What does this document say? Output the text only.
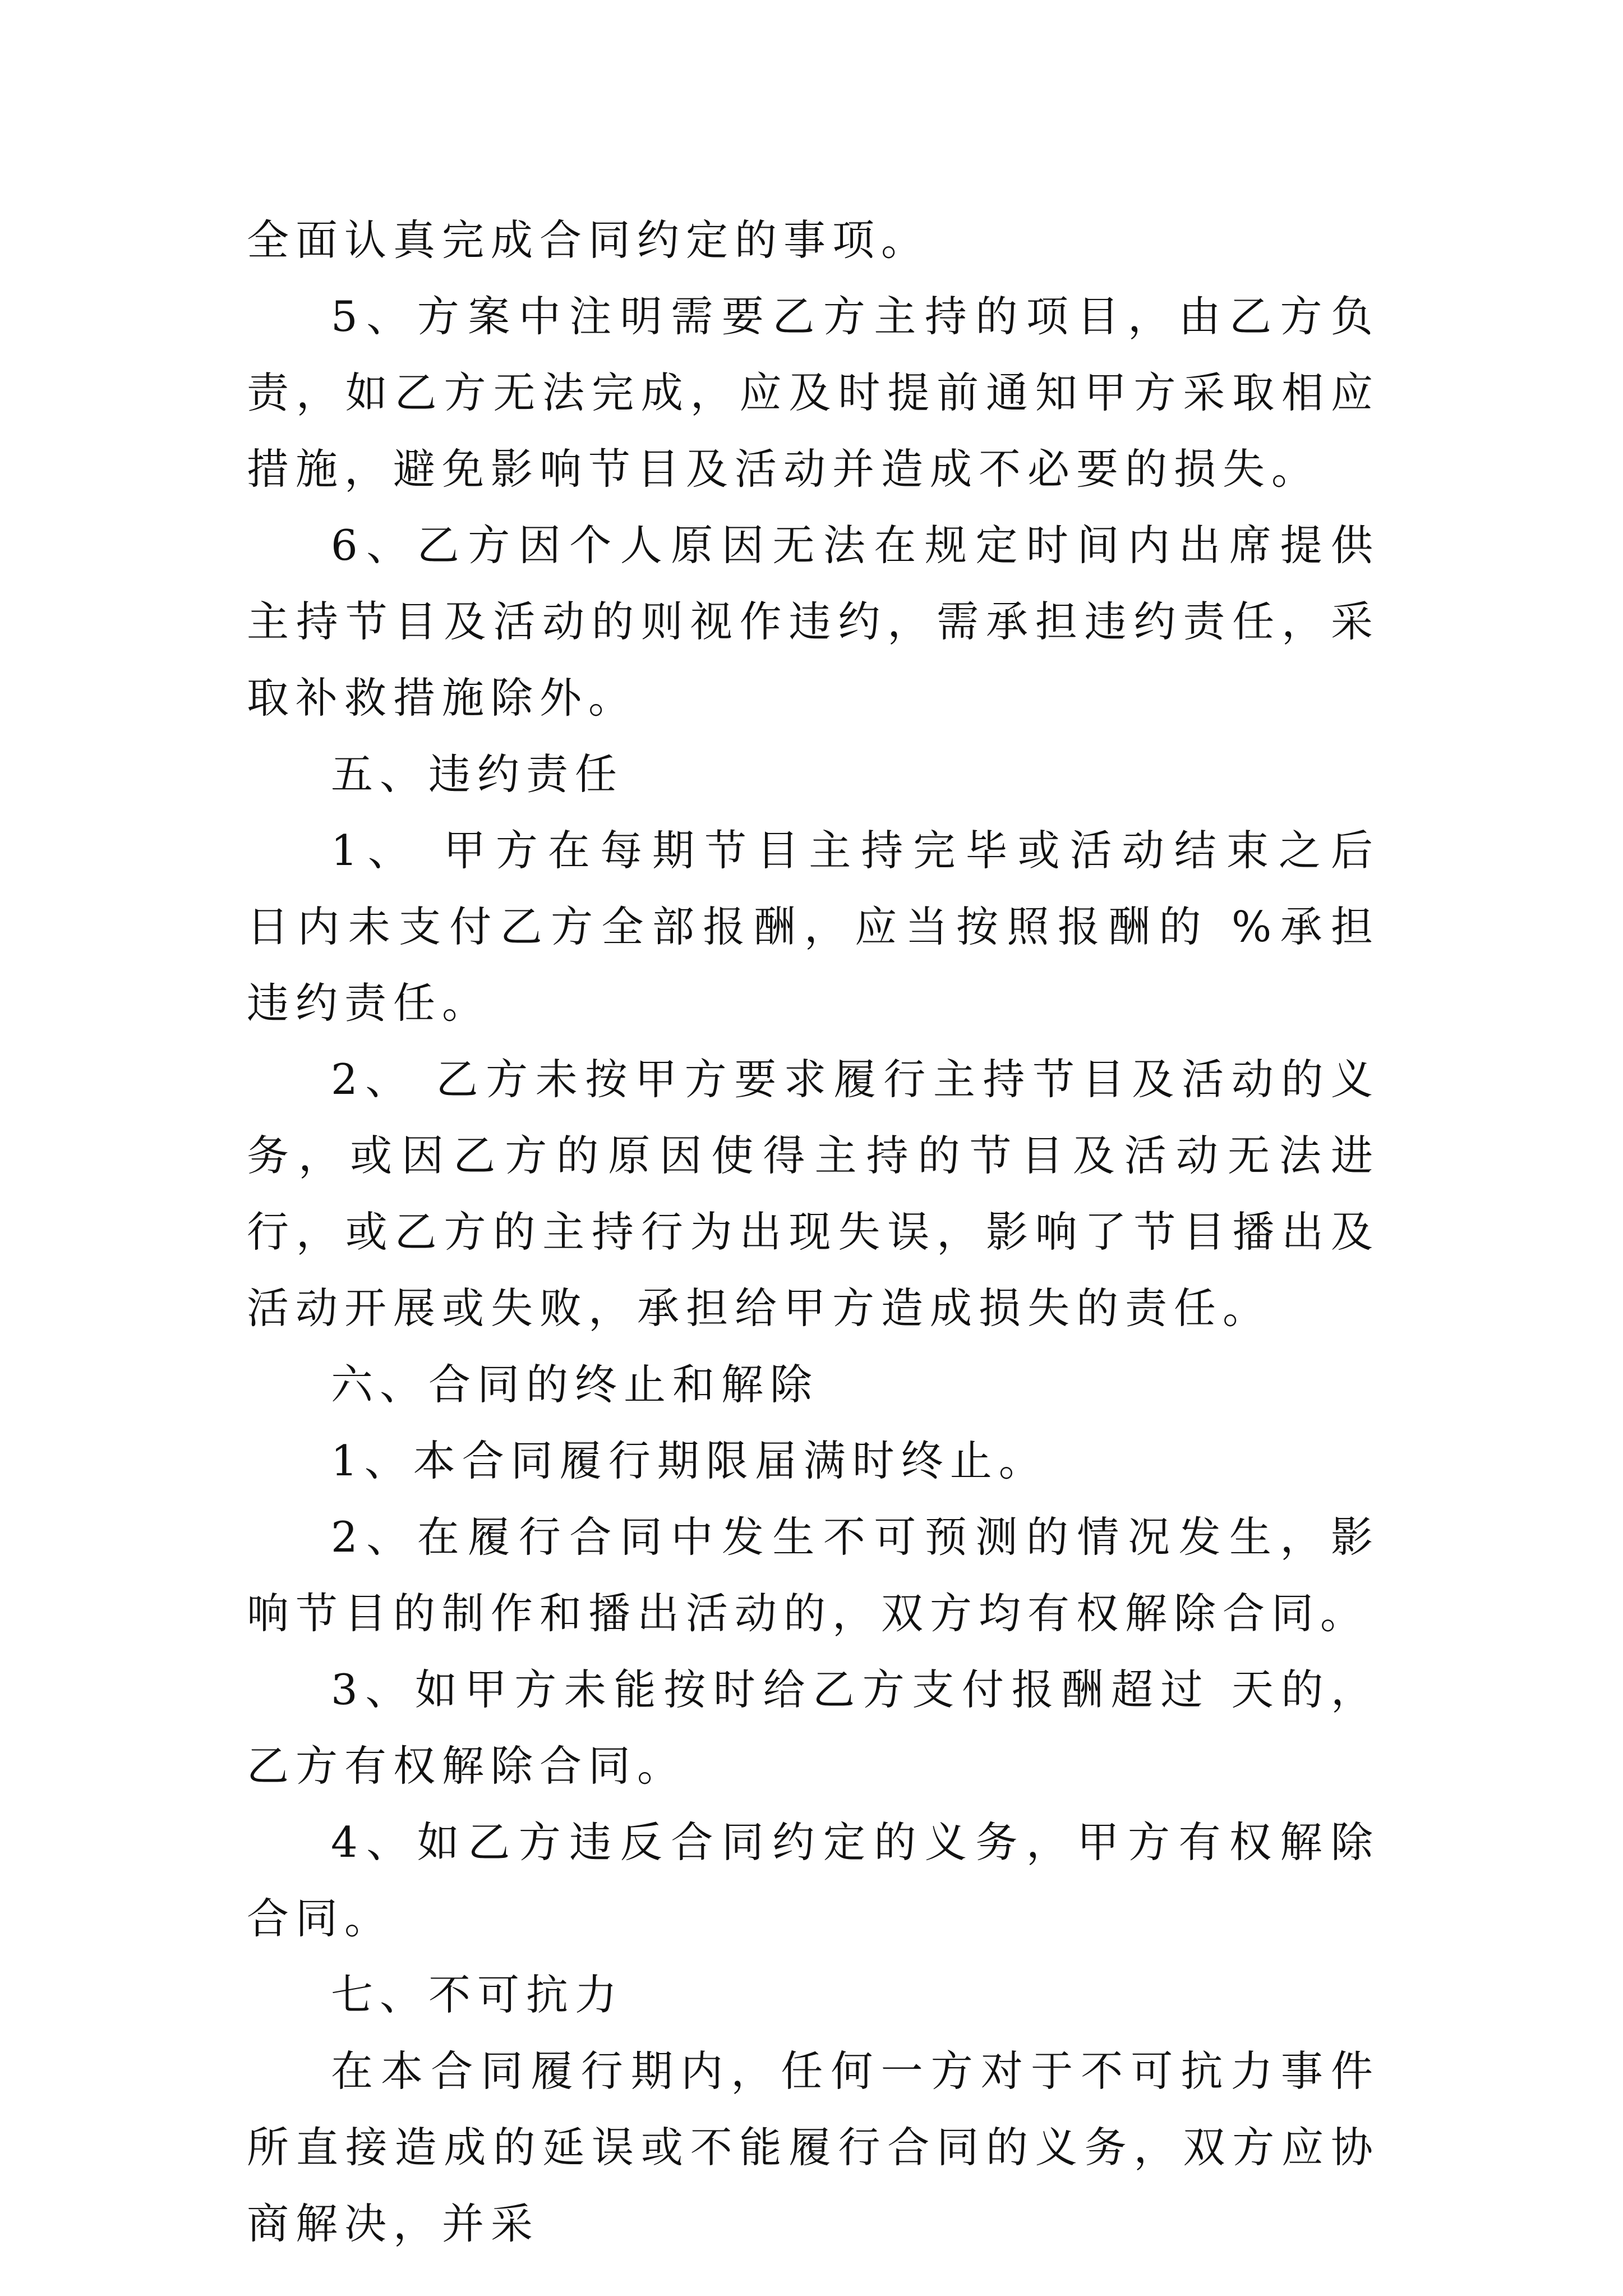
全面认真完成合同约定的事项。

5、方案中注明需要乙方主持的项目，由乙方负责，如乙方无法完成，应及时提前通知甲方采取相应措施，避免影响节目及活动并造成不必要的损失。

6、乙方因个人原因无法在规定时间内出席提供主持节目及活动的则视作违约，需承担违约责任，采取补救措施除外。

五、违约责任

1、 甲方在每期节目主持完毕或活动结束之后 日内未支付乙方全部报酬，应当按照报酬的 %承担违约责任。

2、 乙方未按甲方要求履行主持节目及活动的义务，或因乙方的原因使得主持的节目及活动无法进行，或乙方的主持行为出现失误，影响了节目播出及活动开展或失败，承担给甲方造成损失的责任。

六、合同的终止和解除

1、本合同履行期限届满时终止。

2、在履行合同中发生不可预测的情况发生，影响节目的制作和播出活动的，双方均有权解除合同。

3、如甲方未能按时给乙方支付报酬超过 天的，乙方有权解除合同。

4、如乙方违反合同约定的义务，甲方有权解除合同。

七、不可抗力

在本合同履行期内，任何一方对于不可抗力事件所直接造成的延误或不能履行合同的义务，双方应协商解决，并采
